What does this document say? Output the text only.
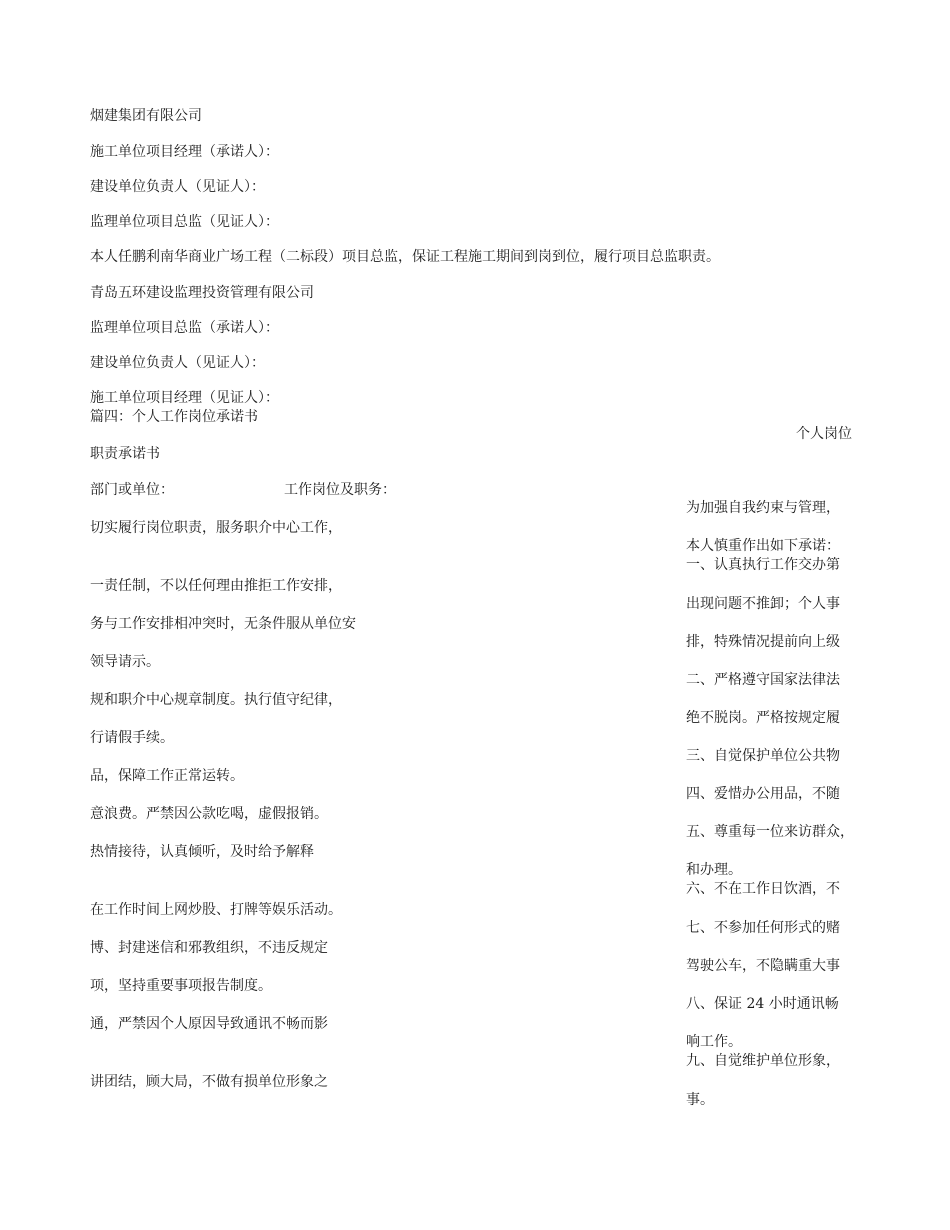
烟建集团有限公司
施工单位项目经理（承诺人）：
建设单位负责人（见证人）：
监理单位项目总监（见证人）：
本人任鹏利南华商业广场工程（二标段）项目总监，保证工程施工期间到岗到位，履行项目总监职责。
青岛五环建设监理投资管理有限公司
监理单位项目总监（承诺人）：
建设单位负责人（见证人）：
施工单位项目经理（见证人）：
篇四：个人工作岗位承诺书
个人岗位
职责承诺书
部门或单位：	工作岗位及职务：
切实履行岗位职责，服务职介中心工作，
一责任制，不以任何理由推拒工作安排，
务与工作安排相冲突时，无条件服从单位安
领导请示。
规和职介中心规章制度。执行值守纪律，
行请假手续。
品，保障工作正常运转。
意浪费。严禁因公款吃喝，虚假报销。
热情接待，认真倾听，及时给予解释
在工作时间上网炒股、打牌等娱乐活动。
博、封建迷信和邪教组织，不违反规定
项，坚持重要事项报告制度。
通，严禁因个人原因导致通讯不畅而影
讲团结，顾大局，不做有损单位形象之
为加强自我约束与管理，
本人慎重作出如下承诺：
一、认真执行工作交办第
出现问题不推卸；个人事
排，特殊情况提前向上级
二、严格遵守国家法律法
绝不脱岗。严格按规定履
三、自觉保护单位公共物
四、爱惜办公用品，不随
五、尊重每一位来访群众，
和办理。
六、不在工作日饮酒，不
七、不参加任何形式的赌
驾驶公车，不隐瞒重大事
八、保证 24 小时通讯畅
响工作。
九、自觉维护单位形象，
事。
